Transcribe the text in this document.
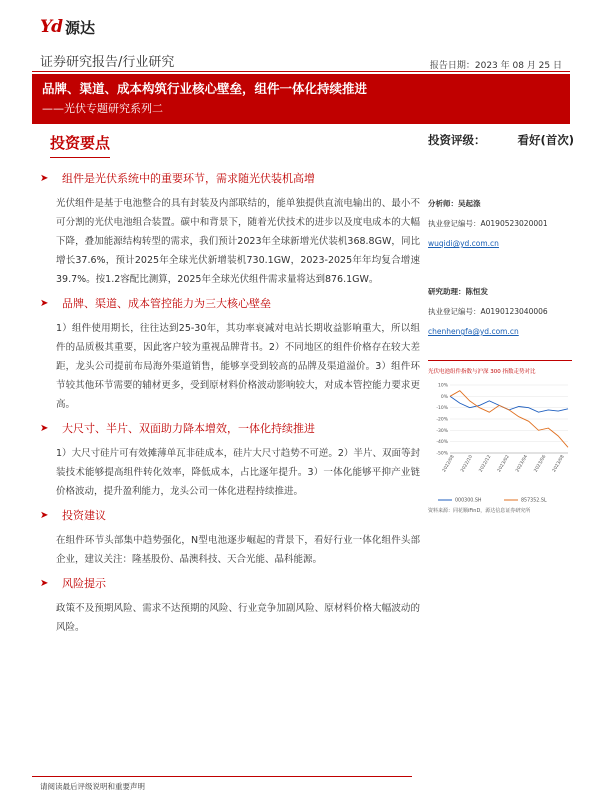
Yd 源达
证券研究报告/行业研究	报告日期：2023 年 08 月 25 日
品牌、渠道、成本构筑行业核心壁垒，组件一体化持续推进
——光伏专题研究系列二
投资要点
➤	组件是光伏系统中的重要环节，需求随光伏装机高增
光伏组件是基于电池整合的具有封装及内部联结的，能单独提供直流电输出的、最小不可分割的光伏电池组合装置。碳中和背景下，随着光伏技术的进步以及度电成本的大幅下降，叠加能源结构转型的需求，我们预计2023年全球新增光伏装机368.8GW，同比增长37.6%，预计2025年全球光伏新增装机730.1GW，2023-2025年年均复合增速39.7%。按1.2容配比测算，2025年全球光伏组件需求量将达到876.1GW。
➤	品牌、渠道、成本管控能力为三大核心壁垒
1）组件使用期长，往往达到25-30年，其功率衰减对电站长期收益影响重大，所以组件的品质极其重要，因此客户较为重视品牌背书。2）不同地区的组件价格存在较大差距，龙头公司提前布局海外渠道销售，能够享受到较高的品牌及渠道溢价。3）组件环节较其他环节需要的辅材更多，受到原材料价格波动影响较大，对成本管控能力要求更高。
➤	大尺寸、半片、双面助力降本增效，一体化持续推进
1）大尺寸硅片可有效摊薄单瓦非硅成本，硅片大尺寸趋势不可逆。2）半片、双面等封装技术能够提高组件转化效率，降低成本，占比逐年提升。3）一体化能够平抑产业链价格波动，提升盈利能力，龙头公司一体化进程持续推进。
➤	投资建议
在组件环节头部集中趋势强化，N型电池逐步崛起的背景下，看好行业一体化组件头部企业，建议关注：隆基股份、晶澳科技、天合光能、晶科能源。
➤	风险提示
政策不及预期风险、需求不达预期的风险、行业竞争加剧风险、原材料价格大幅波动的风险。
投资评级：	看好(首次)
分析师：吴起涤
执业登记编号：A0190523020001
wuqidi@yd.com.cn
研究助理：陈恒发
执业登记编号：A0190123040006
chenhengfa@yd.com.cn
光伏电池组件指数与沪深 300 指数走势对比
10%
0%
-10%
-20%
-30%
-40%
-50%
2022/08 2022/10 2022/12 2023/02 2023/04 2023/06 2023/08
000300.SH	857352.SL
资料来源：同花顺iFinD，源达信息证券研究所
请阅读最后评级说明和重要声明
